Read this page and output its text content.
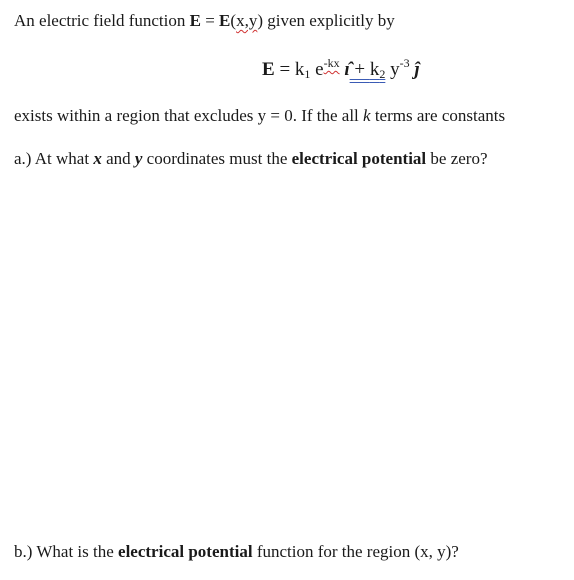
An electric field function E = E(x,y) given explicitly by
$E = k_1$ $e^{-kx}$ ı̂ + $k_2$ $y^{-3}$ ĵ
exists within a region that excludes y = 0. If the all k terms are constants
a.) At what x and y coordinates must the electrical potential be zero?
b.) What is the electrical potential function for the region (x, y)?
